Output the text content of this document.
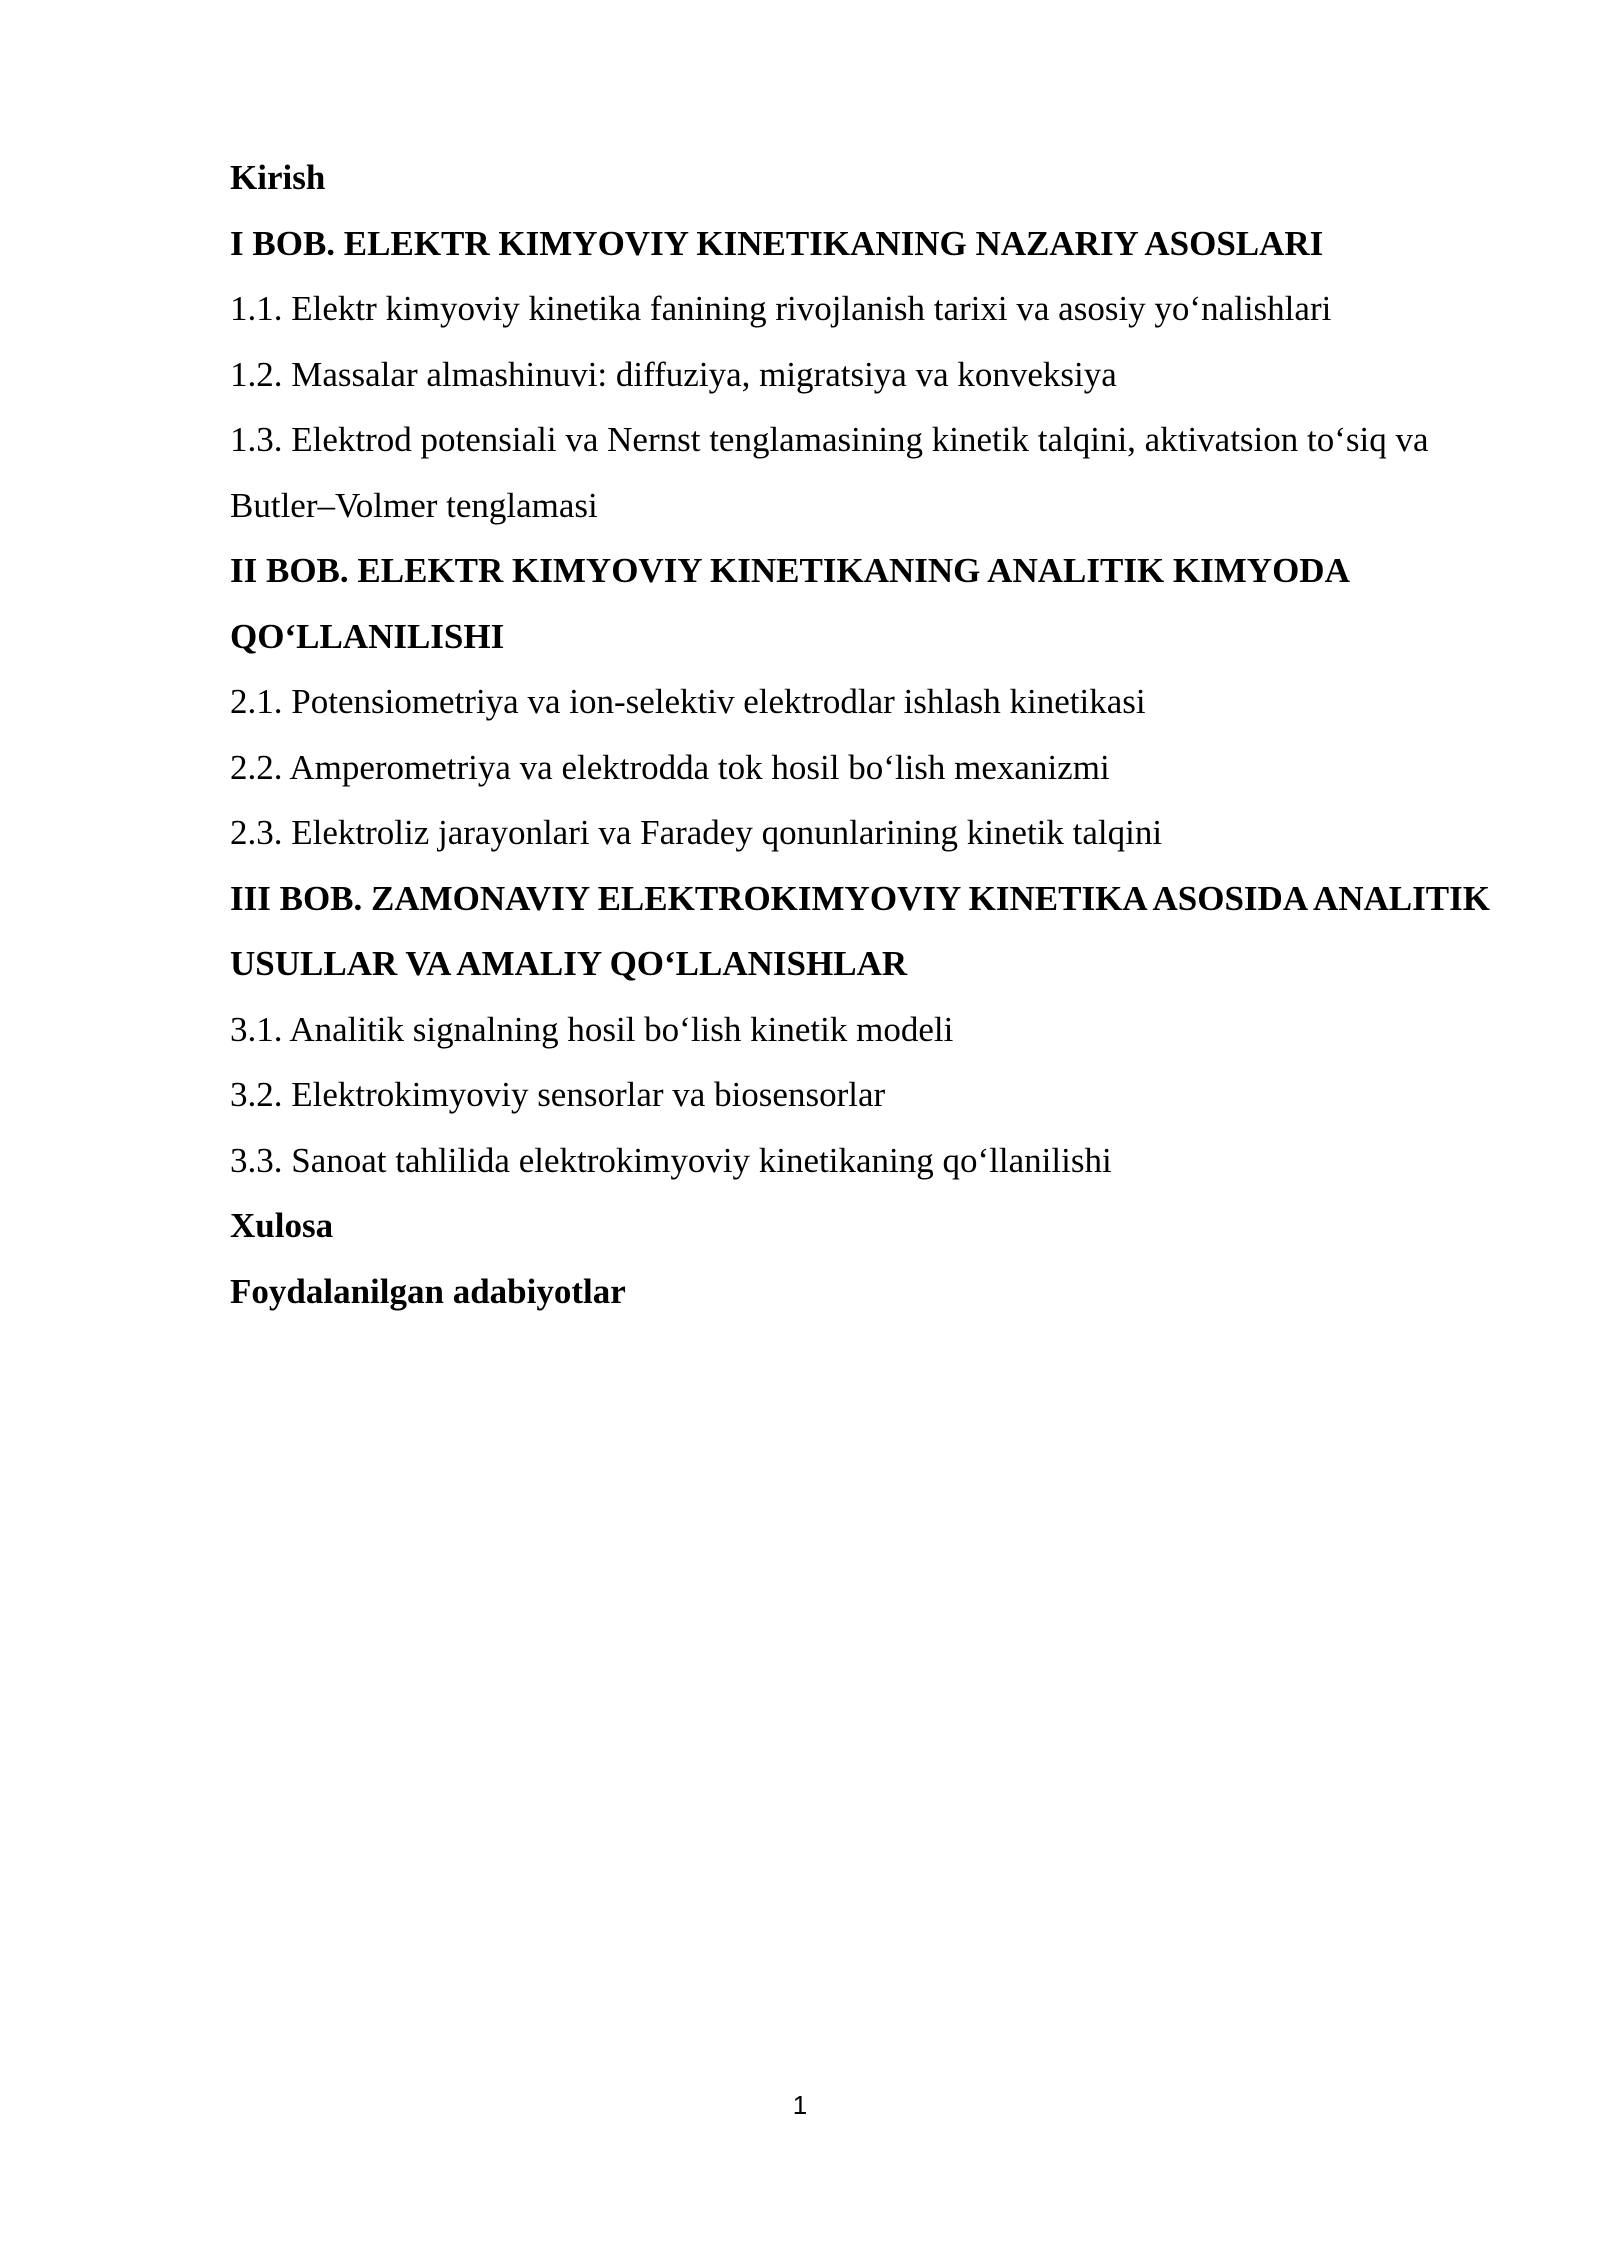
Kirish
I BOB. ELEKTR KIMYOVIY KINETIKANING NAZARIY ASOSLARI
1.1. Elektr kimyoviy kinetika fanining rivojlanish tarixi va asosiy yo‘nalishlari
1.2. Massalar almashinuvi: diffuziya, migratsiya va konveksiya
1.3. Elektrod potensiali va Nernst tenglamasining kinetik talqini, aktivatsion to‘siq va Butler–Volmer tenglamasi
II BOB. ELEKTR KIMYOVIY KINETIKANING ANALITIK KIMYODA QO‘LLANILISHI
2.1. Potensiometriya va ion-selektiv elektrodlar ishlash kinetikasi
2.2. Amperometriya va elektrodda tok hosil bo‘lish mexanizmi
2.3. Elektroliz jarayonlari va Faradey qonunlarining kinetik talqini
III BOB. ZAMONAVIY ELEKTROKIMYOVIY KINETIKA ASOSIDA ANALITIK USULLAR VA AMALIY QO‘LLANISHLAR
3.1. Analitik signalning hosil bo‘lish kinetik modeli
3.2. Elektrokimyoviy sensorlar va biosensorlar
3.3. Sanoat tahlilida elektrokimyoviy kinetikaning qo‘llanilishi
Xulosa
Foydalanilgan adabiyotlar
1
